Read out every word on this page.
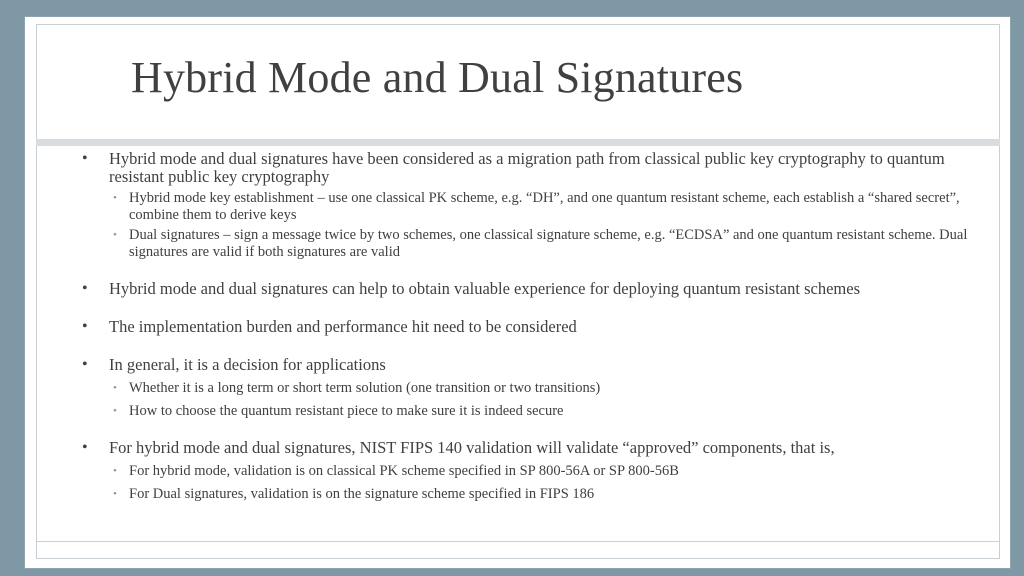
Hybrid Mode and Dual Signatures
• Hybrid mode and dual signatures have been considered as a migration path from classical public key cryptography to quantum resistant public key cryptography
• Hybrid mode key establishment – use one classical PK scheme, e.g. “DH”, and one quantum resistant scheme, each establish a “shared secret”, combine them to derive keys
• Dual signatures – sign a message twice by two schemes, one classical signature scheme, e.g. “ECDSA” and one quantum resistant scheme. Dual signatures are valid if both signatures are valid
• Hybrid mode and dual signatures can help to obtain valuable experience for deploying quantum resistant schemes
• The implementation burden and performance hit need to be considered
• In general, it is a decision for applications
• Whether it is a long term or short term solution (one transition or two transitions)
• How to choose the quantum resistant piece to make sure it is indeed secure
• For hybrid mode and dual signatures, NIST FIPS 140 validation will validate “approved” components, that is,
• For hybrid mode, validation is on classical PK scheme specified in SP 800-56A or SP 800-56B
• For Dual signatures, validation is on the signature scheme specified in FIPS 186
